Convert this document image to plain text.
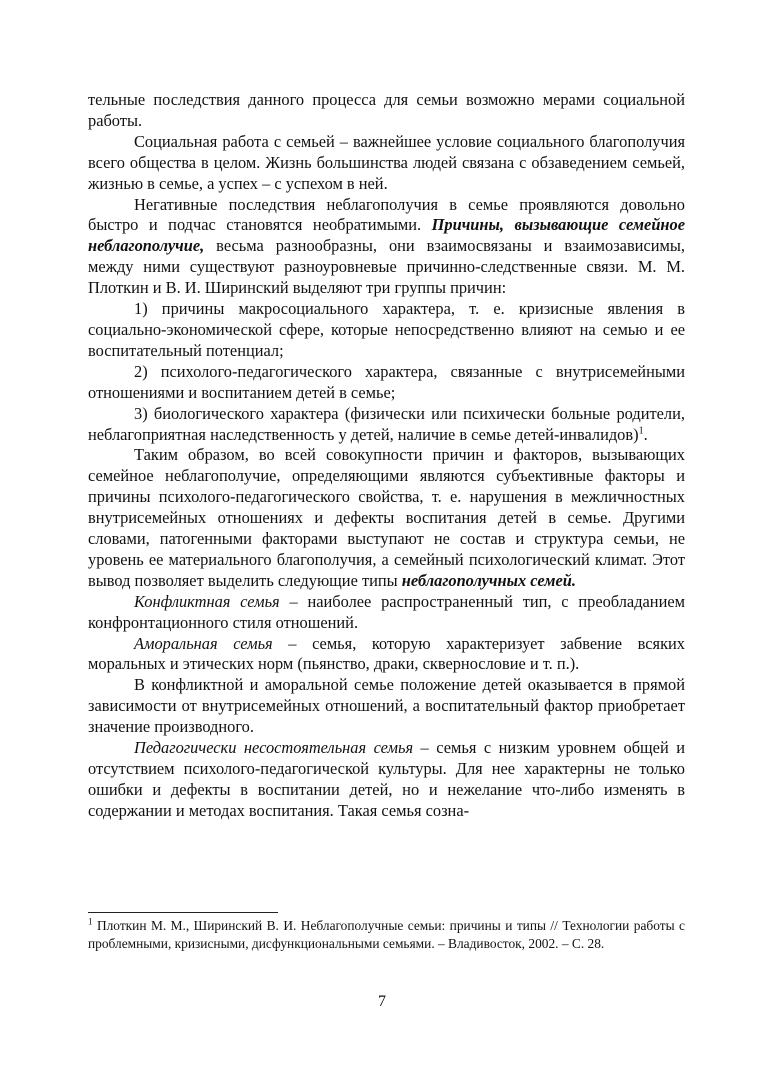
тельные последствия данного процесса для семьи возможно мерами социальной работы.

Социальная работа с семьей – важнейшее условие социального благополучия всего общества в целом. Жизнь большинства людей связана с обзаведением семьей, жизнью в семье, а успех – с успехом в ней.

Негативные последствия неблагополучия в семье проявляются довольно быстро и подчас становятся необратимыми. Причины, вызывающие семейное неблагополучие, весьма разнообразны, они взаимосвязаны и взаимозависимы, между ними существуют разноуровневые причинно-следственные связи. М. М. Плоткин и В. И. Ширинский выделяют три группы причин:

1) причины макросоциального характера, т. е. кризисные явления в социально-экономической сфере, которые непосредственно влияют на семью и ее воспитательный потенциал;

2) психолого-педагогического характера, связанные с внутрисемейными отношениями и воспитанием детей в семье;

3) биологического характера (физически или психически больные родители, неблагоприятная наследственность у детей, наличие в семье детей-инвалидов)$^1$.

Таким образом, во всей совокупности причин и факторов, вызывающих семейное неблагополучие, определяющими являются субъективные факторы и причины психолого-педагогического свойства, т. е. нарушения в межличностных внутрисемейных отношениях и дефекты воспитания детей в семье. Другими словами, патогенными факторами выступают не состав и структура семьи, не уровень ее материального благополучия, а семейный психологический климат. Этот вывод позволяет выделить следующие типы неблагополучных семей.

Конфликтная семья – наиболее распространенный тип, с преобладанием конфронтационного стиля отношений.

Аморальная семья – семья, которую характеризует забвение всяких моральных и этических норм (пьянство, драки, сквернословие и т. п.).

В конфликтной и аморальной семье положение детей оказывается в прямой зависимости от внутрисемейных отношений, а воспитательный фактор приобретает значение производного.

Педагогически несостоятельная семья – семья с низким уровнем общей и отсутствием психолого-педагогической культуры. Для нее характерны не только ошибки и дефекты в воспитании детей, но и нежелание что-либо изменять в содержании и методах воспитания. Такая семья созна-

$^1$ Плоткин М. М., Ширинский В. И. Неблагополучные семьи: причины и типы // Технологии работы с проблемными, кризисными, дисфункциональными семьями. – Владивосток, 2002. – С. 28.
7
